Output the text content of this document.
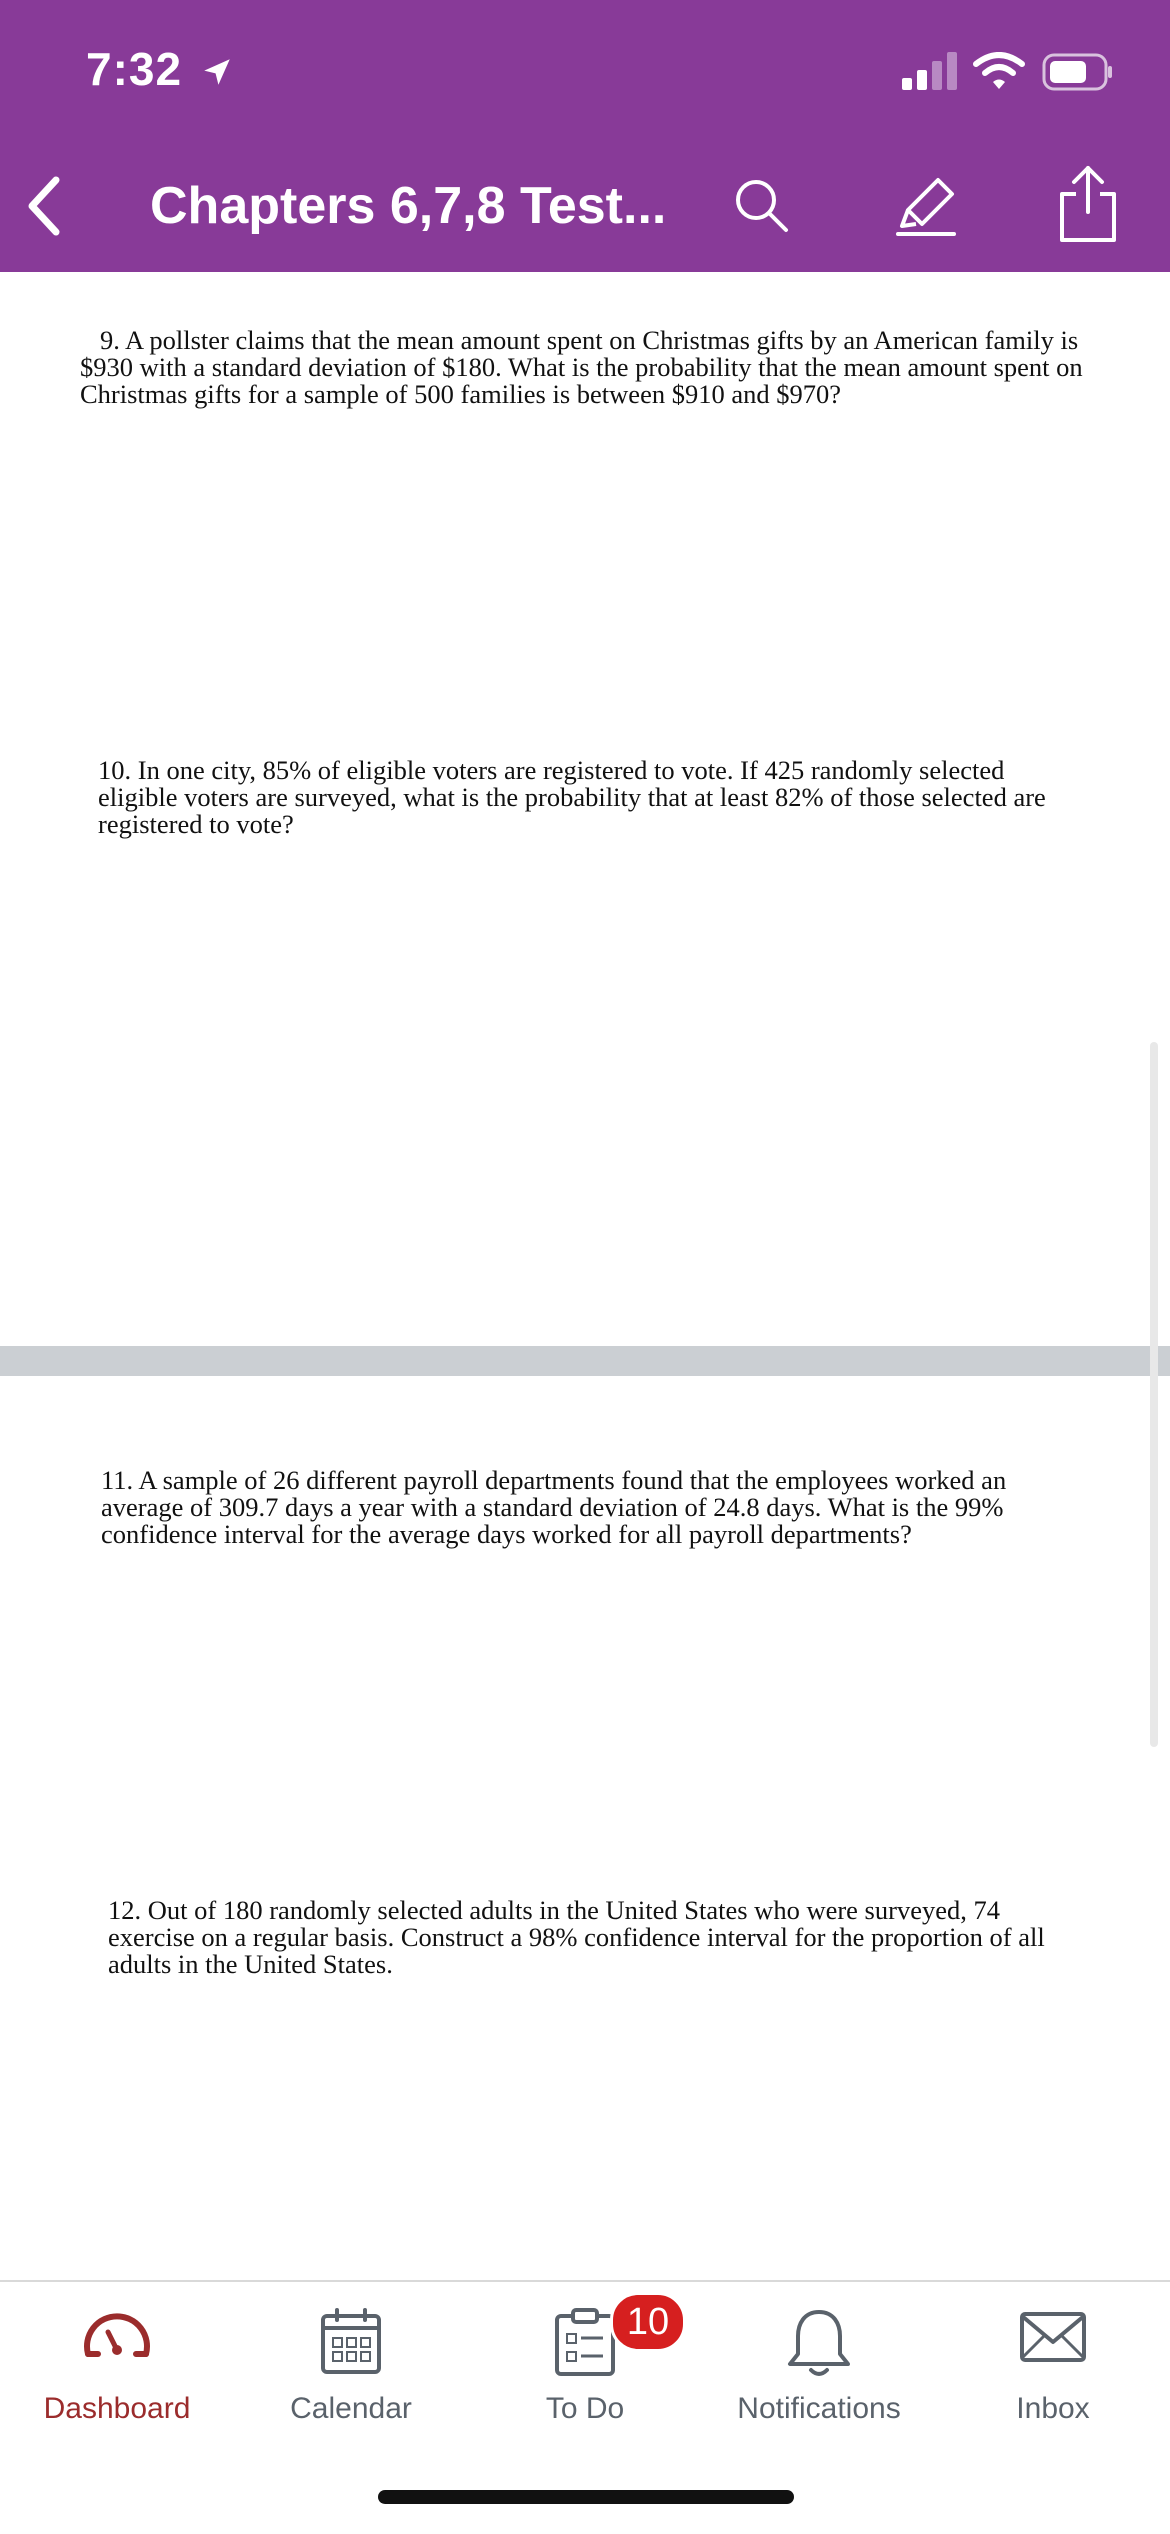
7:32
Chapters 6,7,8 Test...

9. A pollster claims that the mean amount spent on Christmas gifts by an American family is
$930 with a standard deviation of $180. What is the probability that the mean amount spent on
Christmas gifts for a sample of 500 families is between $910 and $970?

10. In one city, 85% of eligible voters are registered to vote. If 425 randomly selected
eligible voters are surveyed, what is the probability that at least 82% of those selected are
registered to vote?

11. A sample of 26 different payroll departments found that the employees worked an
average of 309.7 days a year with a standard deviation of 24.8 days. What is the 99%
confidence interval for the average days worked for all payroll departments?

12. Out of 180 randomly selected adults in the United States who were surveyed, 74
exercise on a regular basis. Construct a 98% confidence interval for the proportion of all
adults in the United States.

Dashboard	Calendar
10
To Do	Notifications	Inbox
